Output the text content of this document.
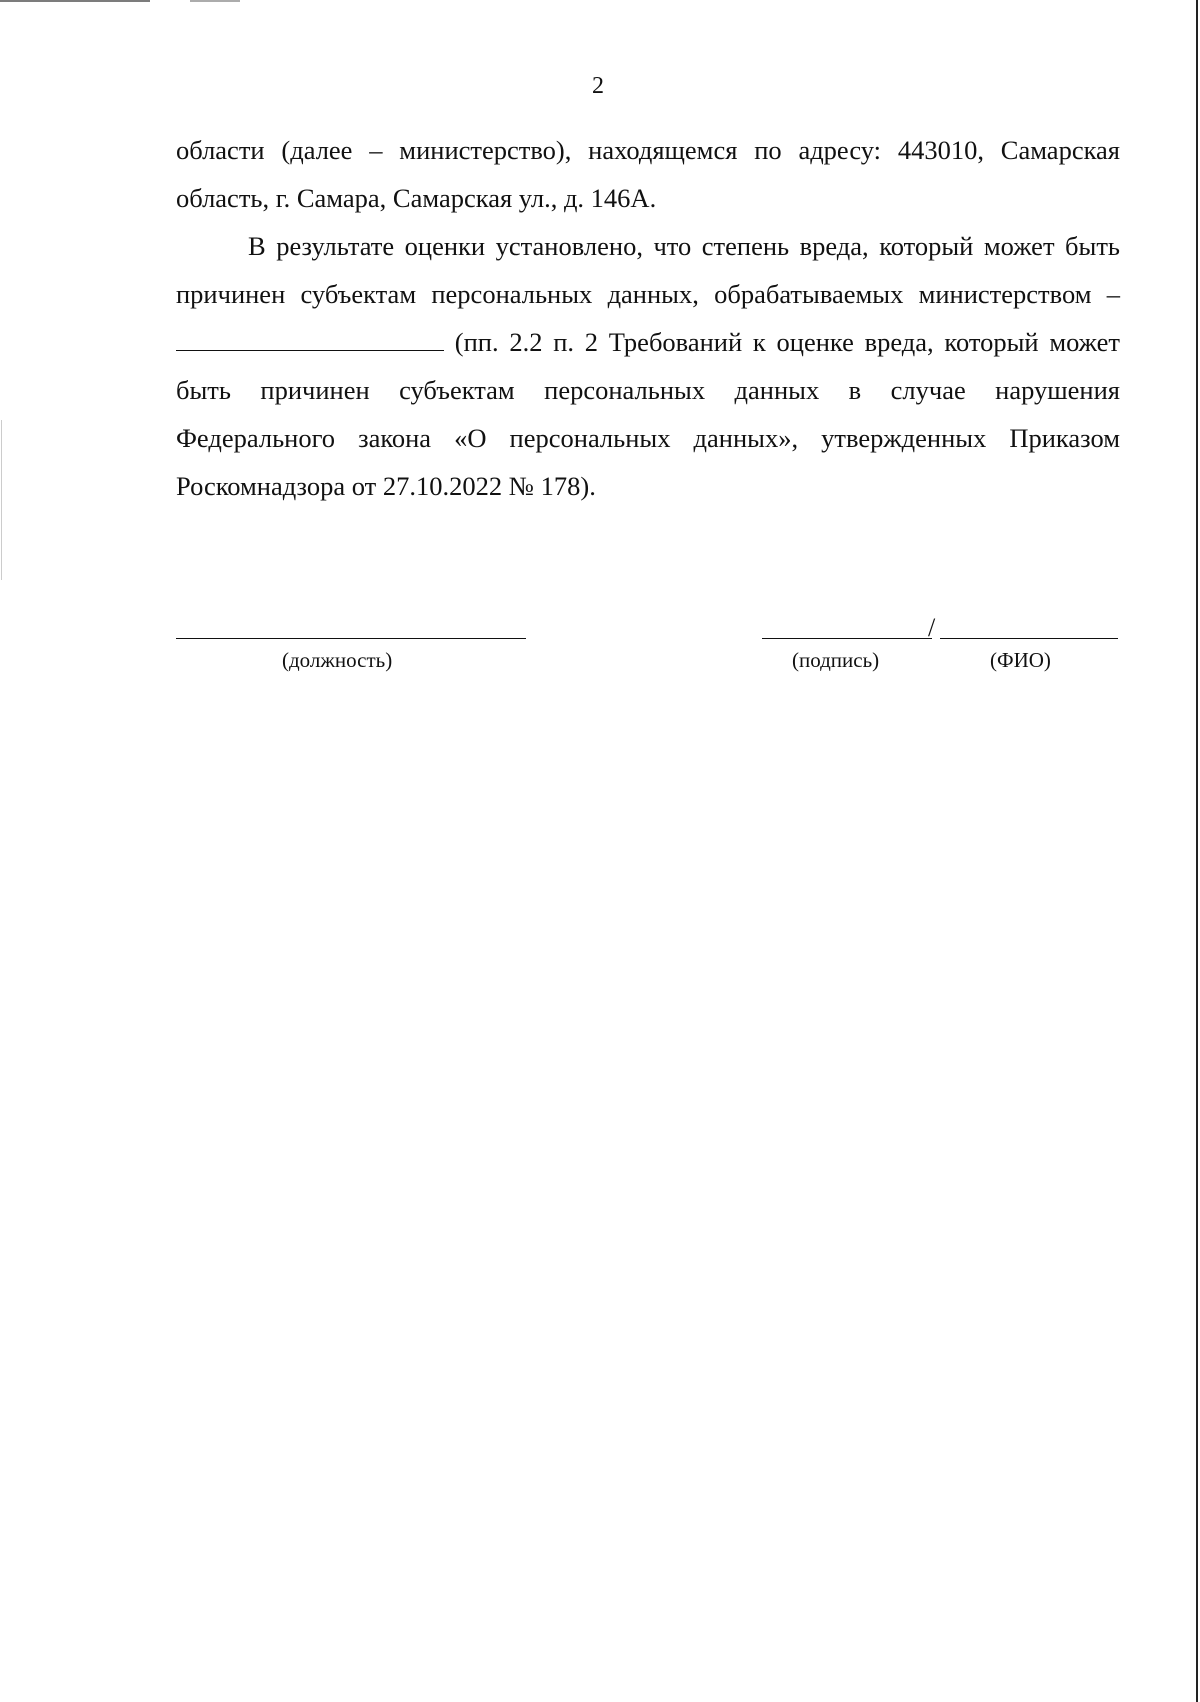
2
области (далее – министерство), находящемся по адресу: 443010, Самарская область, г. Самара, Самарская ул., д. 146А.
В результате оценки установлено, что степень вреда, который может быть причинен субъектам персональных данных, обрабатываемых министерством – (пп. 2.2 п. 2 Требований к оценке вреда, который может быть причинен субъектам персональных данных в случае нарушения Федерального закона «О персональных данных», утвержденных Приказом Роскомнадзора от 27.10.2022 № 178).
/
(должность)	(подпись)	(ФИО)
